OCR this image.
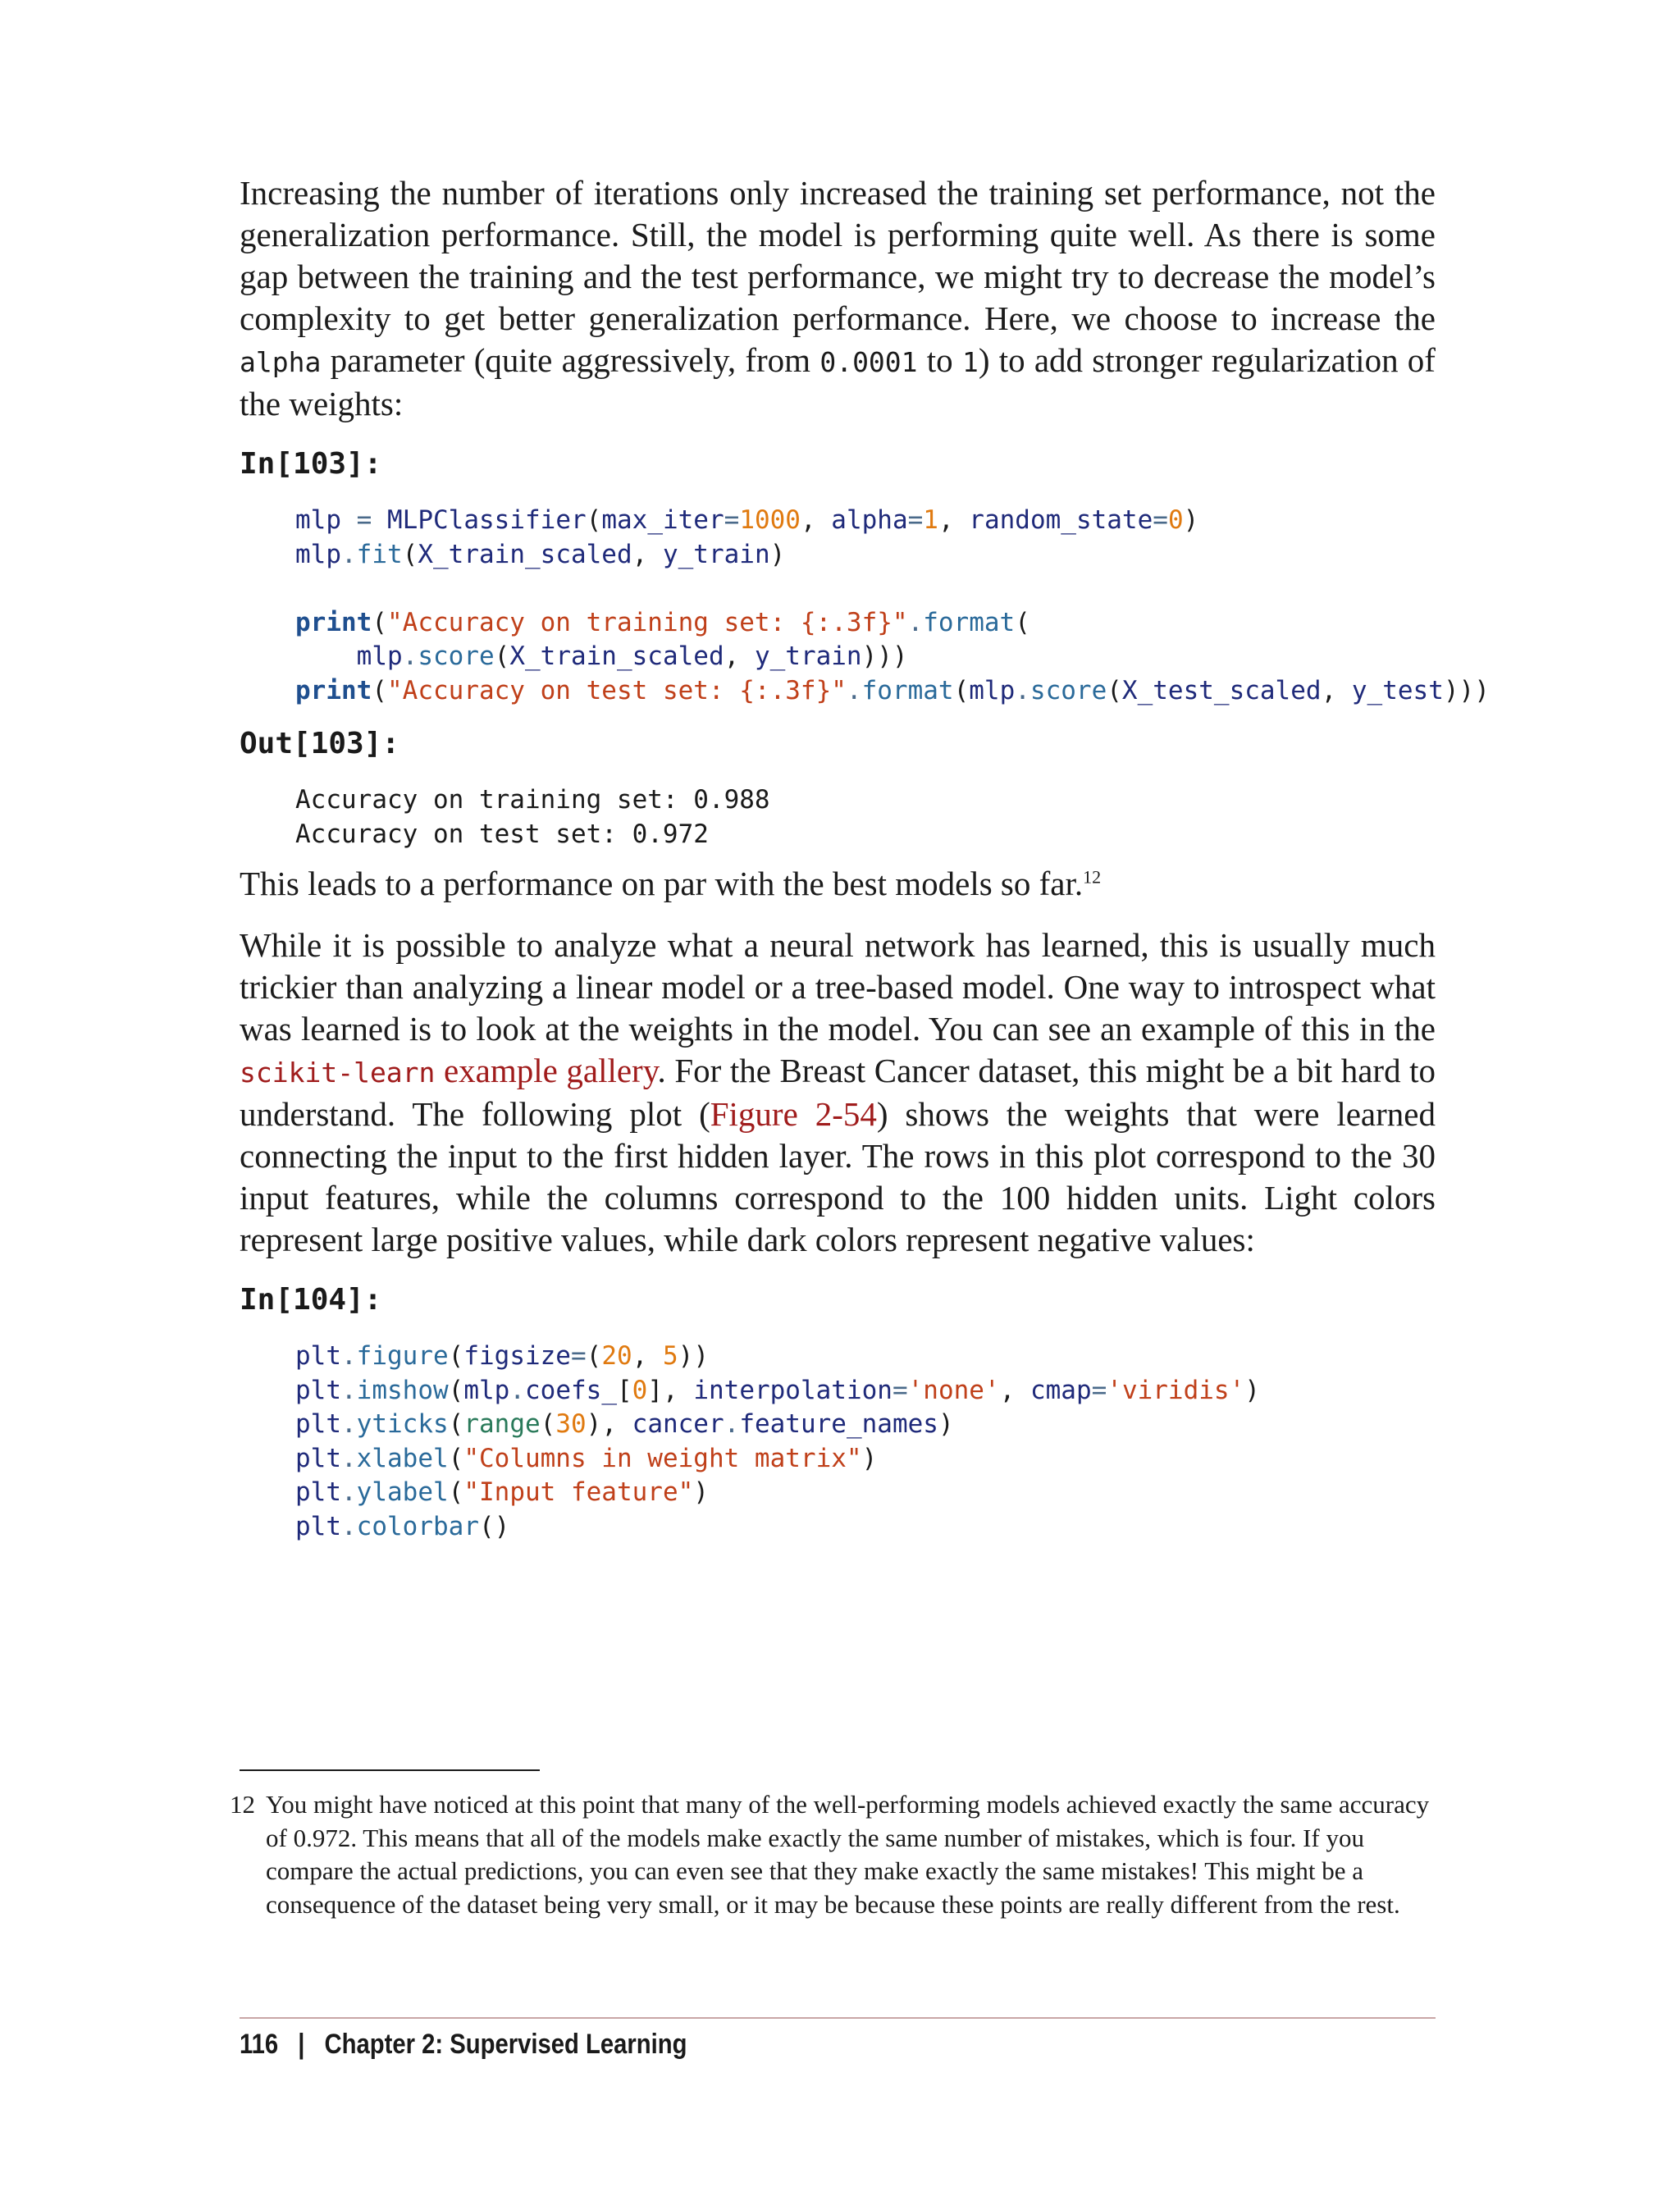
Increasing the number of iterations only increased the training set performance, not the generalization performance. Still, the model is performing quite well. As there is some gap between the training and the test performance, we might try to decrease the model’s complexity to get better generalization performance. Here, we choose to increase the alpha parameter (quite aggressively, from 0.0001 to 1) to add stronger regularization of the weights:

In[103]:
mlp = MLPClassifier(max_iter=1000, alpha=1, random_state=0)
mlp.fit(X_train_scaled, y_train)

print("Accuracy on training set: {:.3f}".format(
mlp.score(X_train_scaled, y_train)))
print("Accuracy on test set: {:.3f}".format(mlp.score(X_test_scaled, y_test)))
Out[103]:
Accuracy on training set: 0.988
Accuracy on test set: 0.972

This leads to a performance on par with the best models so far.$^{12}$

While it is possible to analyze what a neural network has learned, this is usually much trickier than analyzing a linear model or a tree-based model. One way to introspect what was learned is to look at the weights in the model. You can see an example of this in the scikit-learn example gallery. For the Breast Cancer dataset, this might be a bit hard to understand. The following plot (Figure 2-54) shows the weights that were learned connecting the input to the first hidden layer. The rows in this plot correspond to the 30 input features, while the columns correspond to the 100 hidden units. Light colors represent large positive values, while dark colors represent negative values:

In[104]:
plt.figure(figsize=(20, 5))
plt.imshow(mlp.coefs_[0], interpolation='none', cmap='viridis')
plt.yticks(range(30), cancer.feature_names)
plt.xlabel("Columns in weight matrix")
plt.ylabel("Input feature")
plt.colorbar()
12 You might have noticed at this point that many of the well-performing models achieved exactly the same accuracy of 0.972. This means that all of the models make exactly the same number of mistakes, which is four. If you compare the actual predictions, you can even see that they make exactly the same mistakes! This might be a consequence of the dataset being very small, or it may be because these points are really different from the rest.
116 | Chapter 2: Supervised Learning
